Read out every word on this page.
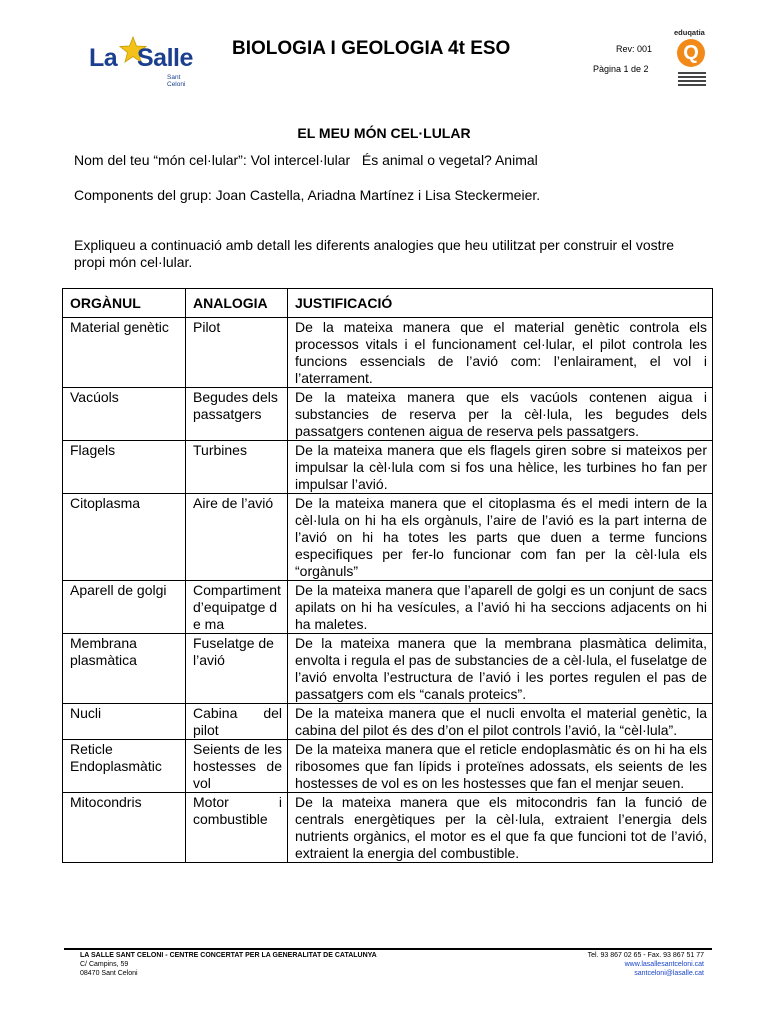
La Salle
Sant Celoni
BIOLOGIA I GEOLOGIA 4t ESO	Rev: 001
Pàgina 1 de 2
eduqatia
Q
EL MEU MÓN CEL·LULAR
Nom del teu “món cel·lular”: Vol intercel·lular   És animal o vegetal? Animal
Components del grup: Joan Castella, Ariadna Martínez i Lisa Steckermeier.
Expliqueu a continuació amb detall les diferents analogies que heu utilitzat per construir el vostre propi món cel·lular.
ORGÀNUL	ANALOGIA	JUSTIFICACIÓ
Material genètic	Pilot	De la mateixa manera que el material genètic controla els processos vitals i el funcionament cel·lular, el pilot controla les funcions essencials de l’avió com: l’enlairament, el vol i l’aterrament.
Vacúols	Begudes dels passatgers	De la mateixa manera que els vacúols contenen aigua i substancies de reserva per la cèl·lula, les begudes dels passatgers contenen aigua de reserva pels passatgers.
Flagels	Turbines	De la mateixa manera que els flagels giren sobre si mateixos per impulsar la cèl·lula com si fos una hèlice, les turbines ho fan per impulsar l’avió.
Citoplasma	Aire de l’avió	De la mateixa manera que el citoplasma és el medi intern de la cèl·lula on hi ha els orgànuls, l’aire de l’avió es la part interna de l’avió on hi ha totes les parts que duen a terme funcions especifiques per fer-lo funcionar com fan per la cèl·lula els “orgànuls”
Aparell de golgi	Compartiment d’equipatge de ma	De la mateixa manera que l’aparell de golgi es un conjunt de sacs apilats on hi ha vesícules, a l’avió hi ha seccions adjacents on hi ha maletes.
Membrana plasmàtica	Fuselatge de l’avió	De la mateixa manera que la membrana plasmàtica delimita, envolta i regula el pas de substancies de a cèl·lula, el fuselatge de l’avió envolta l’estructura de l’avió i les portes regulen el pas de passatgers com els “canals proteics”.
Nucli	Cabina del pilot	De la mateixa manera que el nucli envolta el material genètic, la cabina del pilot és des d’on el pilot controls l’avió, la “cèl·lula”.
Reticle Endoplasmàtic	Seients de les hostesses de vol	De la mateixa manera que el reticle endoplasmàtic és on hi ha els ribosomes que fan lípids i proteïnes adossats, els seients de les hostesses de vol es on les hostesses que fan el menjar seuen.
Mitocondris	Motor i combustible	De la mateixa manera que els mitocondris fan la funció de centrals energètiques per la cèl·lula, extraient l’energia dels nutrients orgànics, el motor es el que fa que funcioni tot de l’avió, extraient la energia del combustible.
LA SALLE SANT CELONI - CENTRE CONCERTAT PER LA GENERALITAT DE CATALUNYA
C/ Campins, 59
08470 Sant Celoni
Tel. 93 867 02 65 - Fax. 93 867 51 77
www.lasallesantceloni.cat
santceloni@lasalle.cat
